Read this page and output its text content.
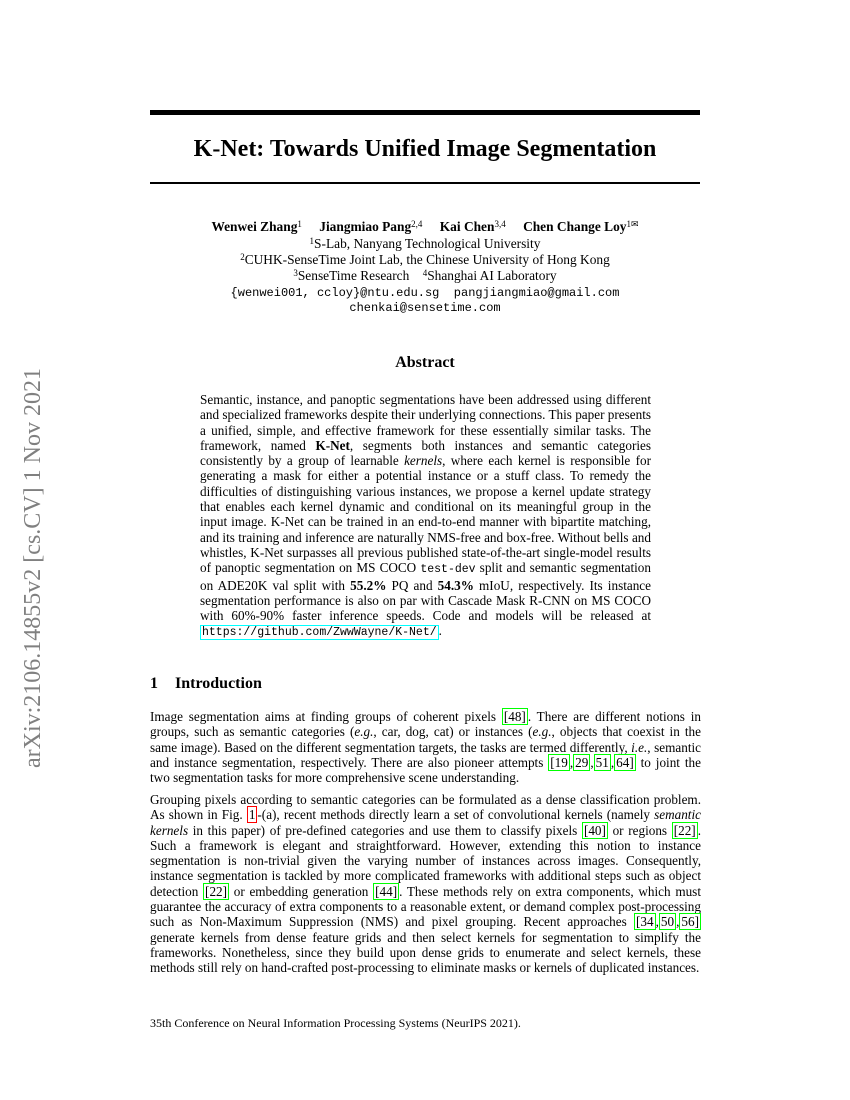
arXiv:2106.14855v2 [cs.CV] 1 Nov 2021
K-Net: Towards Unified Image Segmentation
Wenwei Zhang$^1$ Jiangmiao Pang$^{2,4}$ Kai Chen$^{3,4}$ Chen Change Loy$^{1✉}$
$^1$S-Lab, Nanyang Technological University
$^2$CUHK-SenseTime Joint Lab, the Chinese University of Hong Kong
$^3$SenseTime Research $^4$Shanghai AI Laboratory
{wenwei001, ccloy}@ntu.edu.sg pangjiangmiao@gmail.com
chenkai@sensetime.com
Abstract
Semantic, instance, and panoptic segmentations have been addressed using different and specialized frameworks despite their underlying connections. This paper presents a unified, simple, and effective framework for these essentially similar tasks. The framework, named K-Net, segments both instances and semantic categories consistently by a group of learnable kernels, where each kernel is responsible for generating a mask for either a potential instance or a stuff class. To remedy the difficulties of distinguishing various instances, we propose a kernel update strategy that enables each kernel dynamic and conditional on its meaningful group in the input image. K-Net can be trained in an end-to-end manner with bipartite matching, and its training and inference are naturally NMS-free and box-free. Without bells and whistles, K-Net surpasses all previous published state-of-the-art single-model results of panoptic segmentation on MS COCO test-dev split and semantic segmentation on ADE20K val split with 55.2% PQ and 54.3% mIoU, respectively. Its instance segmentation performance is also on par with Cascade Mask R-CNN on MS COCO with 60%-90% faster inference speeds. Code and models will be released at https://github.com/ZwwWayne/K-Net/ .
1 Introduction

Image segmentation aims at finding groups of coherent pixels [48] . There are different notions in groups, such as semantic categories (e.g., car, dog, cat) or instances (e.g., objects that coexist in the same image). Based on the different segmentation targets, the tasks are termed differently, i.e., semantic and instance segmentation, respectively. There are also pioneer attempts [19 , 29 , 51 , 64] to joint the two segmentation tasks for more comprehensive scene understanding.

Grouping pixels according to semantic categories can be formulated as a dense classification problem. As shown in Fig. 1 -(a), recent methods directly learn a set of convolutional kernels (namely semantic kernels in this paper) of pre-defined categories and use them to classify pixels [40] or regions [22] . Such a framework is elegant and straightforward. However, extending this notion to instance segmentation is non-trivial given the varying number of instances across images. Consequently, instance segmentation is tackled by more complicated frameworks with additional steps such as object detection [22] or embedding generation [44] . These methods rely on extra components, which must guarantee the accuracy of extra components to a reasonable extent, or demand complex post-processing such as Non-Maximum Suppression (NMS) and pixel grouping. Recent approaches [34 , 50 , 56] generate kernels from dense feature grids and then select kernels for segmentation to simplify the frameworks. Nonetheless, since they build upon dense grids to enumerate and select kernels, these methods still rely on hand-crafted post-processing to eliminate masks or kernels of duplicated instances.

35th Conference on Neural Information Processing Systems (NeurIPS 2021).
